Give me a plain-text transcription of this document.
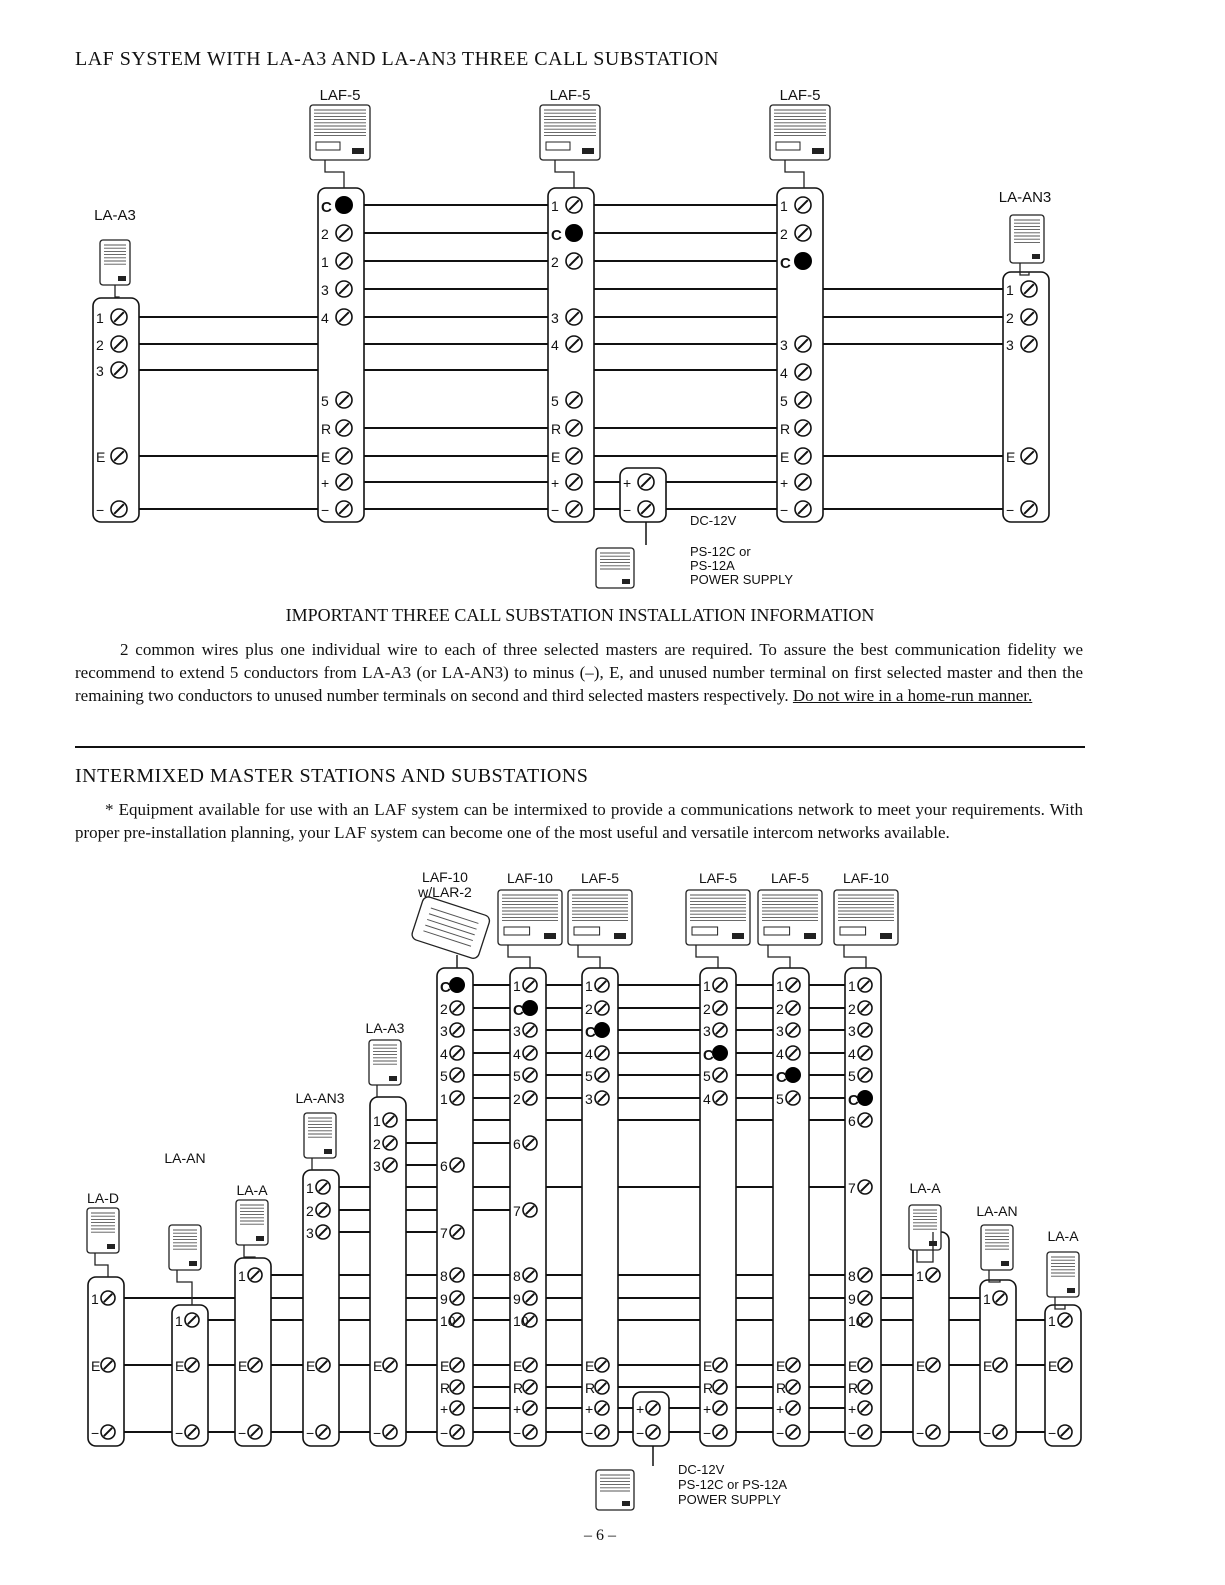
1
2
3
E
−
C
2
1
3
4
5
R
E
+
−
1
C
2
3
4
5
R
E
+
−
1
2
C
3
4
5
R
E
+
−
1
2
3
E
−
+
−
C
2
3
4
5
1
6
7
8
9
10
E
R
+
−
1
C
3
4
5
2
6
7
8
9
10
E
R
+
−
1
2
C
4
5
3
E
R
+
−
1
2
3
C
5
4
E
R
+
−
1
2
3
4
C
5
E
R
+
−
1
2
3
4
5
C
6
7
8
9
10
E
R
+
−
+
−
1
2
3
E
−
1
2
3
E
−
1
E
−
1
E
−
1
E
−
1
E
−
1
E
−
1
E
−
LAF-5	LAF-5	LAF-5
LA-A3
LA-AN3
LAF-10 LAF-5	LAF-5 LAF-5 LAF-10
LAF-10
w/LAR-2
LA-A3
LA-AN3
LA-A
LA-AN
LA-D
LA-A
LA-AN
LA-A
LAF SYSTEM WITH LA-A3 AND LA-AN3 THREE CALL SUBSTATION
DC-12V
PS-12C or
PS-12A
POWER SUPPLY
IMPORTANT THREE CALL SUBSTATION INSTALLATION INFORMATION
2 common wires plus one individual wire to each of three selected masters are required. To assure the best communication fidelity we recommend to extend 5 conductors from LA-A3 (or LA-AN3) to minus (–), E, and unused number terminal on first selected master and then the remaining two conductors to unused number terminals on second and third selected masters respectively. Do not wire in a home-run manner.
INTERMIXED MASTER STATIONS AND SUBSTATIONS
* Equipment available for use with an LAF system can be intermixed to provide a communications network to meet your requirements. With proper pre-installation planning, your LAF system can become one of the most useful and versatile intercom networks available.
DC-12V
PS-12C or PS-12A
POWER SUPPLY
– 6 –
